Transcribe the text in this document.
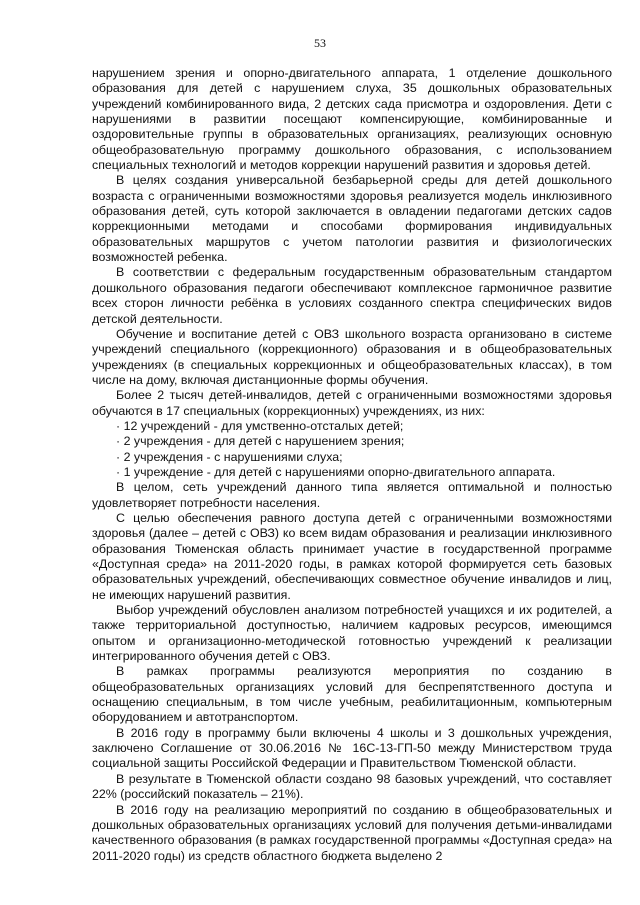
53

нарушением зрения и опорно-двигательного аппарата, 1 отделение дошкольного образования для детей с нарушением слуха, 35 дошкольных образовательных учреждений комбинированного вида, 2 детских сада присмотра и оздоровления. Дети с нарушениями в развитии посещают компенсирующие, комбинированные и оздоровительные группы в образовательных организациях, реализующих основную общеобразовательную программу дошкольного образования, с использованием специальных технологий и методов коррекции нарушений развития и здоровья детей.

В целях создания универсальной безбарьерной среды для детей дошкольного возраста с ограниченными возможностями здоровья реализуется модель инклюзивного образования детей, суть которой заключается в овладении педагогами детских садов коррекционными методами и способами формирования индивидуальных образовательных маршрутов с учетом патологии развития и физиологических возможностей ребенка.

В соответствии с федеральным государственным образовательным стандартом дошкольного образования педагоги обеспечивают комплексное гармоничное развитие всех сторон личности ребёнка в условиях созданного спектра специфических видов детской деятельности.

Обучение и воспитание детей с ОВЗ школьного возраста организовано в системе учреждений специального (коррекционного) образования и в общеобразовательных учреждениях (в специальных коррекционных и общеобразовательных классах), в том числе на дому, включая дистанционные формы обучения.

Более 2 тысяч детей-инвалидов, детей с ограниченными возможностями здоровья обучаются в 17 специальных (коррекционных) учреждениях, из них:

· 12 учреждений - для умственно-отсталых детей;
· 2 учреждения - для детей с нарушением зрения;
· 2 учреждения - с нарушениями слуха;
· 1 учреждение - для детей с нарушениями опорно-двигательного аппарата.

В целом, сеть учреждений данного типа является оптимальной и полностью удовлетворяет потребности населения.

С целью обеспечения равного доступа детей с ограниченными возможностями здоровья (далее – детей с ОВЗ) ко всем видам образования и реализации инклюзивного образования Тюменская область принимает участие в государственной программе «Доступная среда» на 2011-2020 годы, в рамках которой формируется сеть базовых образовательных учреждений, обеспечивающих совместное обучение инвалидов и лиц, не имеющих нарушений развития.

Выбор учреждений обусловлен анализом потребностей учащихся и их родителей, а также территориальной доступностью, наличием кадровых ресурсов, имеющимся опытом и организационно-методической готовностью учреждений к реализации интегрированного обучения детей с ОВЗ.

В рамках программы реализуются мероприятия по созданию в общеобразовательных организациях условий для беспрепятственного доступа и оснащению специальным, в том числе учебным, реабилитационным, компьютерным оборудованием и автотранспортом.

В 2016 году в программу были включены 4 школы и 3 дошкольных учреждения, заключено Соглашение от 30.06.2016 № 16С-13-ГП-50 между Министерством труда социальной защиты Российской Федерации и Правительством Тюменской области.

В результате в Тюменской области создано 98 базовых учреждений, что составляет 22% (российский показатель – 21%).

В 2016 году на реализацию мероприятий по созданию в общеобразовательных и дошкольных образовательных организациях условий для получения детьми-инвалидами качественного образования (в рамках государственной программы «Доступная среда» на 2011-2020 годы) из средств областного бюджета выделено 2
